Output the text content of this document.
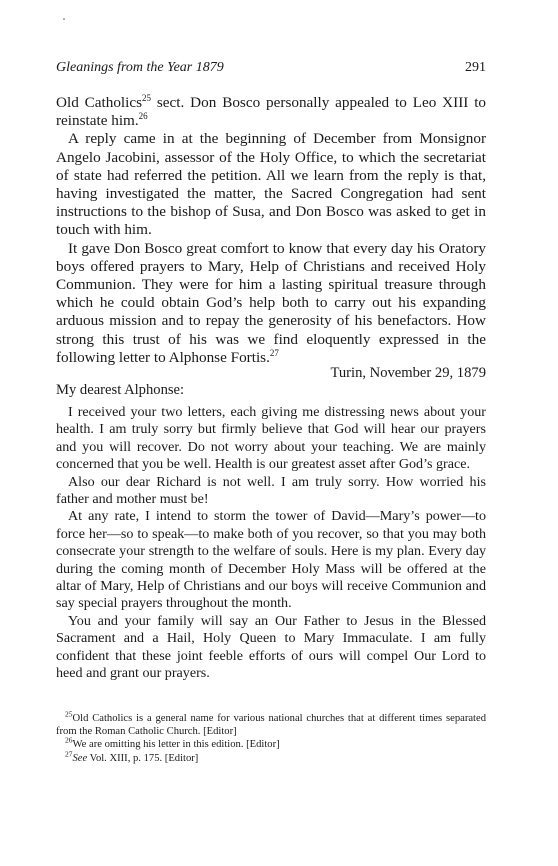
Gleanings from the Year 1879	291

Old Catholics$^{25}$ sect. Don Bosco personally appealed to Leo XIII to reinstate him.$^{26}$

A reply came in at the beginning of December from Monsignor Angelo Jacobini, assessor of the Holy Office, to which the secretariat of state had referred the petition. All we learn from the reply is that, having investigated the matter, the Sacred Congregation had sent instructions to the bishop of Susa, and Don Bosco was asked to get in touch with him.

It gave Don Bosco great comfort to know that every day his Oratory boys offered prayers to Mary, Help of Christians and received Holy Communion. They were for him a lasting spiritual treasure through which he could obtain God’s help both to carry out his expanding arduous mission and to repay the generosity of his benefactors. How strong this trust of his was we find eloquently expressed in the following letter to Alphonse Fortis.$^{27}$

Turin, November 29, 1879
My dearest Alphonse:

I received your two letters, each giving me distressing news about your health. I am truly sorry but firmly believe that God will hear our prayers and you will recover. Do not worry about your teaching. We are mainly concerned that you be well. Health is our greatest asset after God’s grace.

Also our dear Richard is not well. I am truly sorry. How worried his father and mother must be!

At any rate, I intend to storm the tower of David—Mary’s power—to force her—so to speak—to make both of you recover, so that you may both consecrate your strength to the welfare of souls. Here is my plan. Every day during the coming month of December Holy Mass will be offered at the altar of Mary, Help of Christians and our boys will receive Communion and say special prayers throughout the month.

You and your family will say an Our Father to Jesus in the Blessed Sacrament and a Hail, Holy Queen to Mary Immaculate. I am fully confident that these joint feeble efforts of ours will compel Our Lord to heed and grant our prayers.

$^{25}$Old Catholics is a general name for various national churches that at different times separated from the Roman Catholic Church. [Editor]

$^{26}$We are omitting his letter in this edition. [Editor]

$^{27}$See Vol. XIII, p. 175. [Editor]
